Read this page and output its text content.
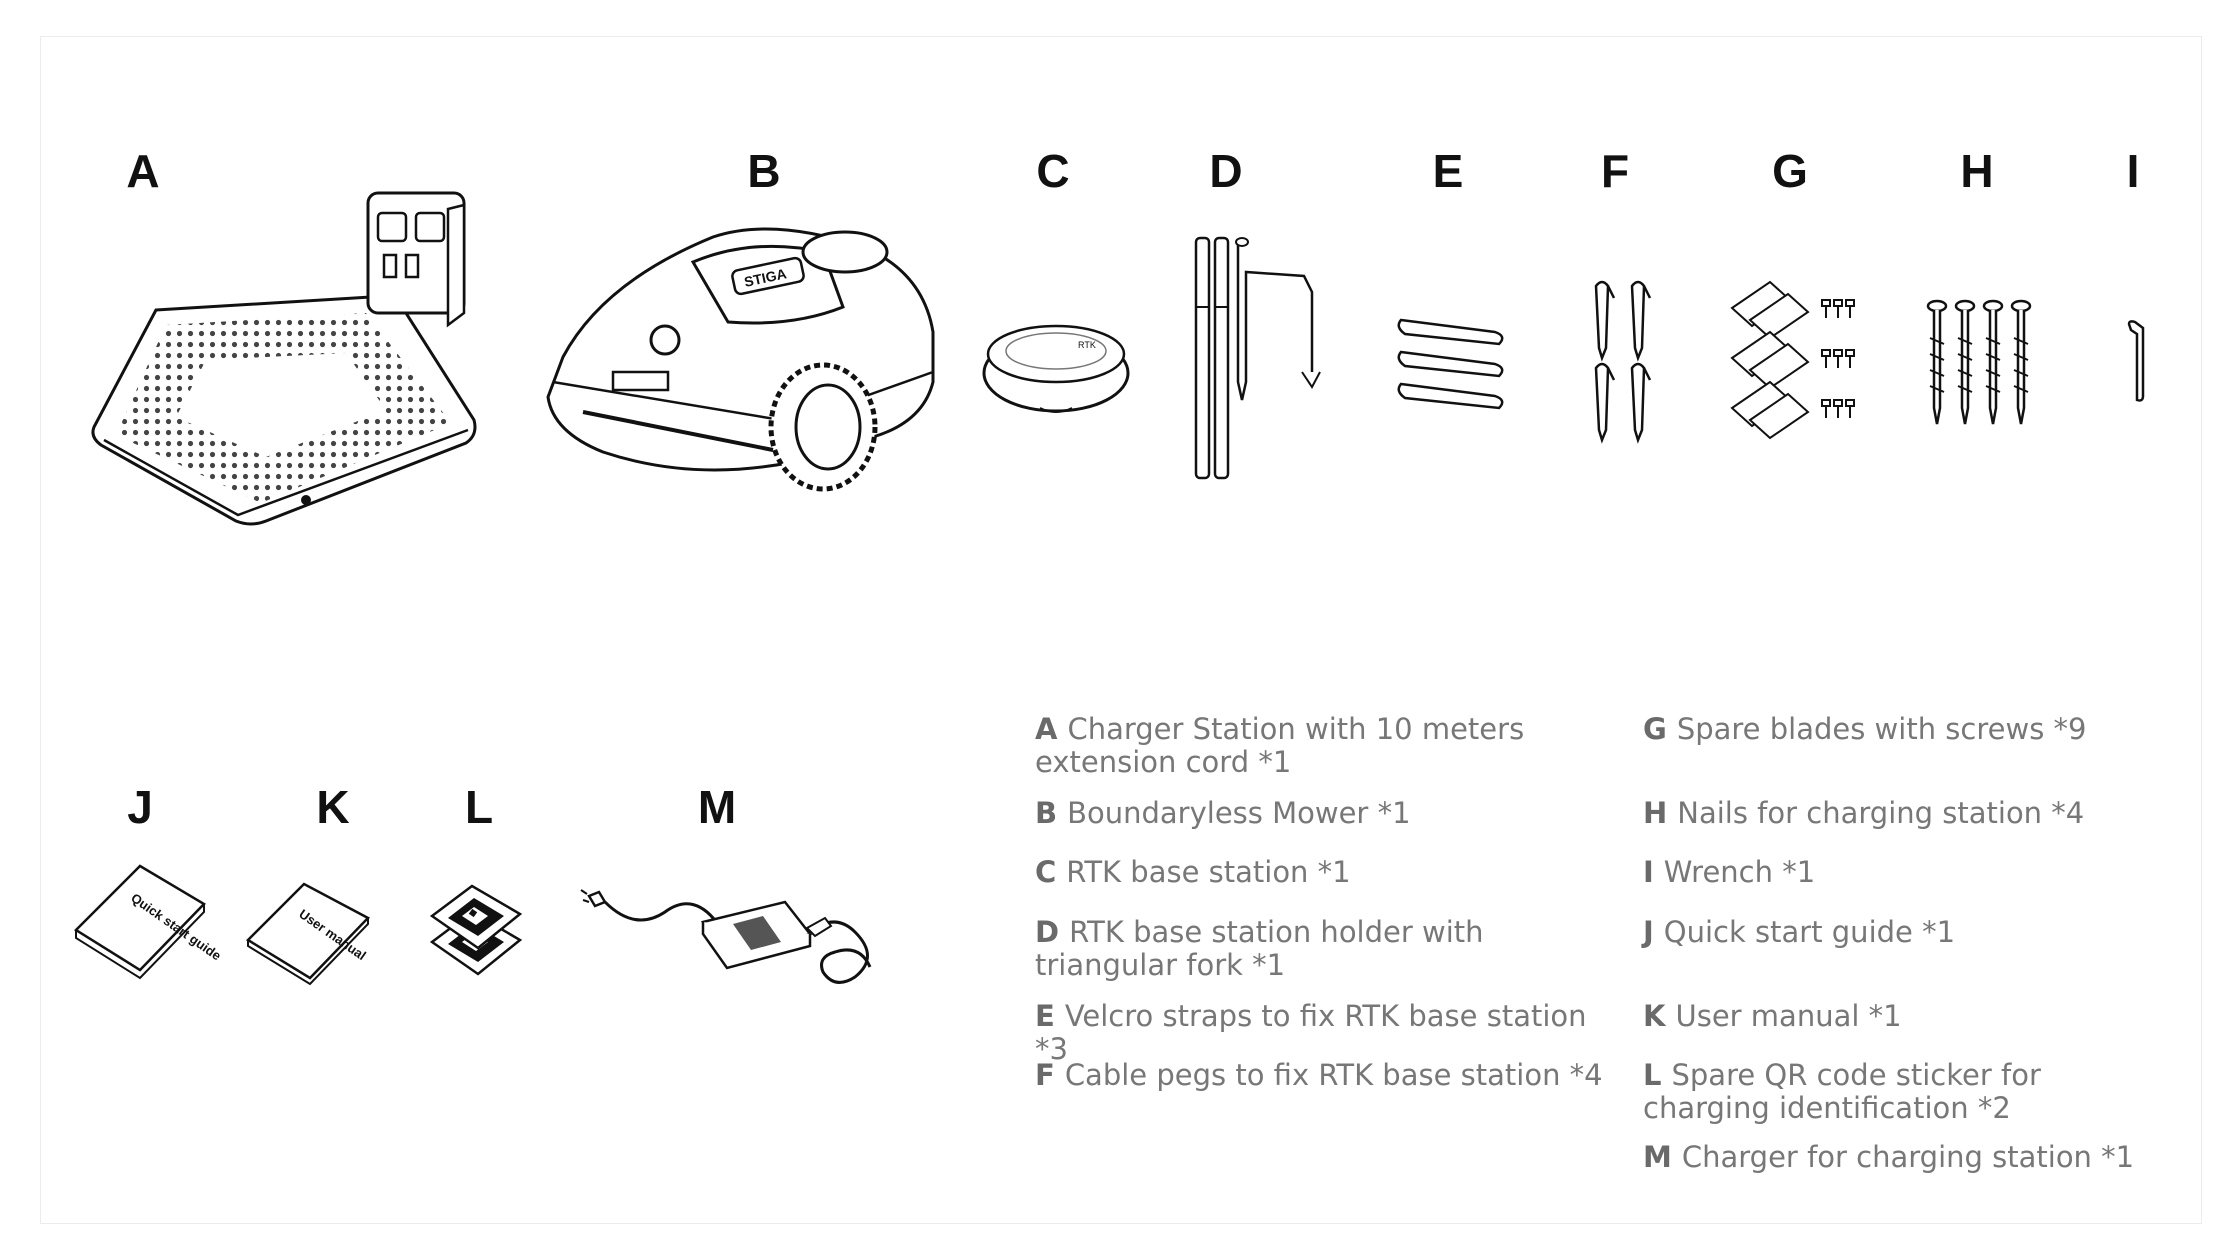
A	B	C	D	E	F	G	H	I
J	K	L	M
STIGA
RTK
Quick start guide	User manual
A Charger Station with 10 meters extension cord *1
B Boundaryless Mower *1
C RTK base station *1
D RTK base station holder with triangular fork *1
E Velcro straps to fix RTK base station *3
F Cable pegs to fix RTK base station *4
G Spare blades with screws *9
H Nails for charging station *4
I Wrench *1
J Quick start guide *1
K User manual *1
L Spare QR code sticker for charging identification *2
M Charger for charging station *1
